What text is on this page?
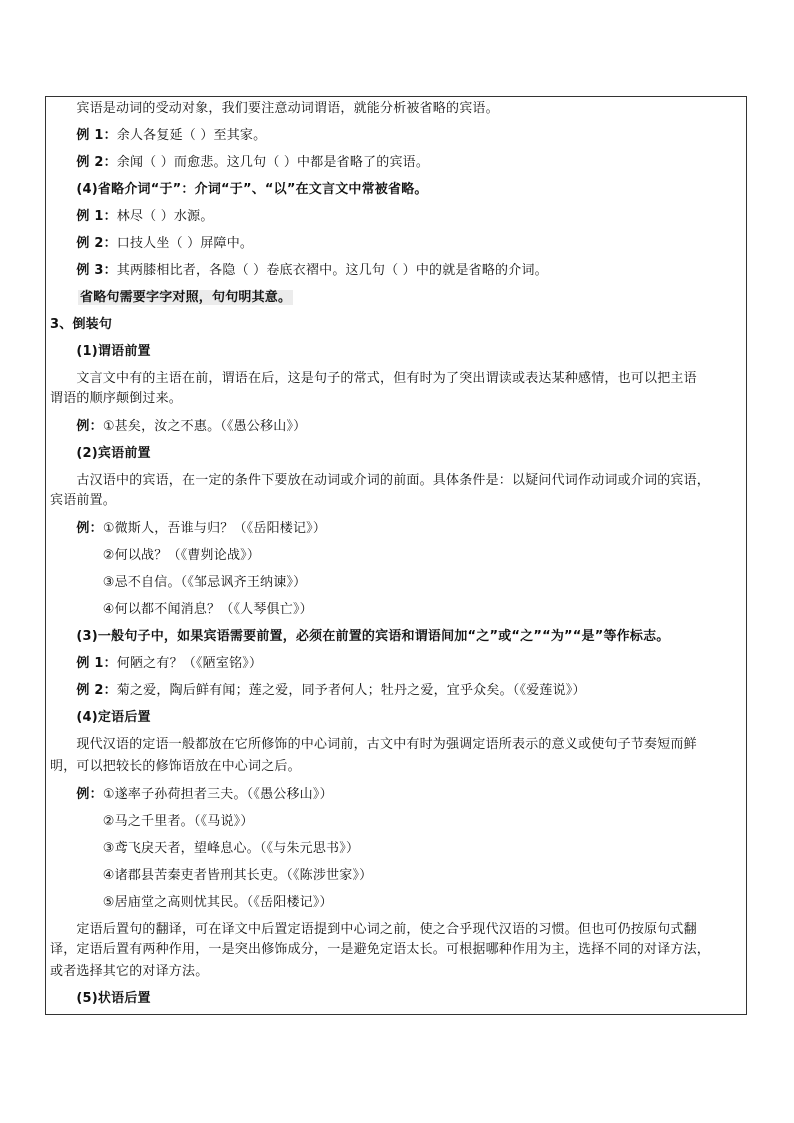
　　宾语是动词的受动对象，我们要注意动词谓语，就能分析被省略的宾语。
　　例 1：余人各复延（ ）至其家。
　　例 2：余闻（ ）而愈悲。这几句（ ）中都是省略了的宾语。
　　(4)省略介词“于”：介词“于”、“以”在文言文中常被省略。
　　例 1：林尽（ ）水源。
　　例 2：口技人坐（ ）屏障中。
　　例 3：其两膝相比者，各隐（ ）卷底衣褶中。这几句（ ）中的就是省略的介词。
省略句需要字字对照，句句明其意。
3、倒装句
　　(1)谓语前置
　　文言文中有的主语在前，谓语在后，这是句子的常式，但有时为了突出谓读或表达某种感情，也可以把主语
谓语的顺序颠倒过来。
　　例：①甚矣，汝之不惠。（《愚公移山》）
　　(2)宾语前置
　　古汉语中的宾语，在一定的条件下要放在动词或介词的前面。具体条件是：以疑问代词作动词或介词的宾语，
宾语前置。
　　例：①微斯人，吾谁与归？（《岳阳楼记》）
　　　　②何以战？（《曹刿论战》）
　　　　③忌不自信。（《邹忌讽齐王纳谏》）
　　　　④何以都不闻消息？（《人琴俱亡》）
　　(3)一般句子中，如果宾语需要前置，必须在前置的宾语和谓语间加“之”或“之”“为”“是”等作标志。
　　例 1：何陋之有？（《陋室铭》）
　　例 2：菊之爱，陶后鲜有闻；莲之爱，同予者何人；牡丹之爱，宜乎众矣。（《爱莲说》）
　　(4)定语后置
　　现代汉语的定语一般都放在它所修饰的中心词前，古文中有时为强调定语所表示的意义或使句子节奏短而鲜
明，可以把较长的修饰语放在中心词之后。
　　例：①遂率子孙荷担者三夫。（《愚公移山》）
　　　　②马之千里者。（《马说》）
　　　　③鸢飞戾天者，望峰息心。（《与朱元思书》）
　　　　④诸郡县苦秦吏者皆刑其长吏。（《陈涉世家》）
　　　　⑤居庙堂之高则忧其民。（《岳阳楼记》）
　　定语后置句的翻译，可在译文中后置定语提到中心词之前，使之合乎现代汉语的习惯。但也可仍按原句式翻
译，定语后置有两种作用，一是突出修饰成分，一是避免定语太长。可根据哪种作用为主，选择不同的对译方法，
或者选择其它的对译方法。
　　(5)状语后置
